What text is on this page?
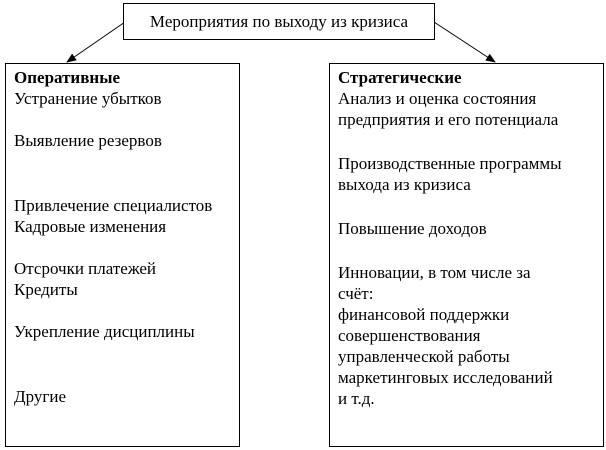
Мероприятия по выходу из кризиса
Оперативные
Устранение убытков
Выявление резервов
Привлечение специалистов
Кадровые изменения
Отсрочки платежей
Кредиты
Укрепление дисциплины
Другие
Стратегические
Анализ и оценка состояния
предприятия и его потенциала
Производственные программы
выхода из кризиса
Повышение доходов
Инновации, в том числе за
счёт:
финансовой поддержки
совершенствования
управленческой работы
маркетинговых исследований
и т.д.
